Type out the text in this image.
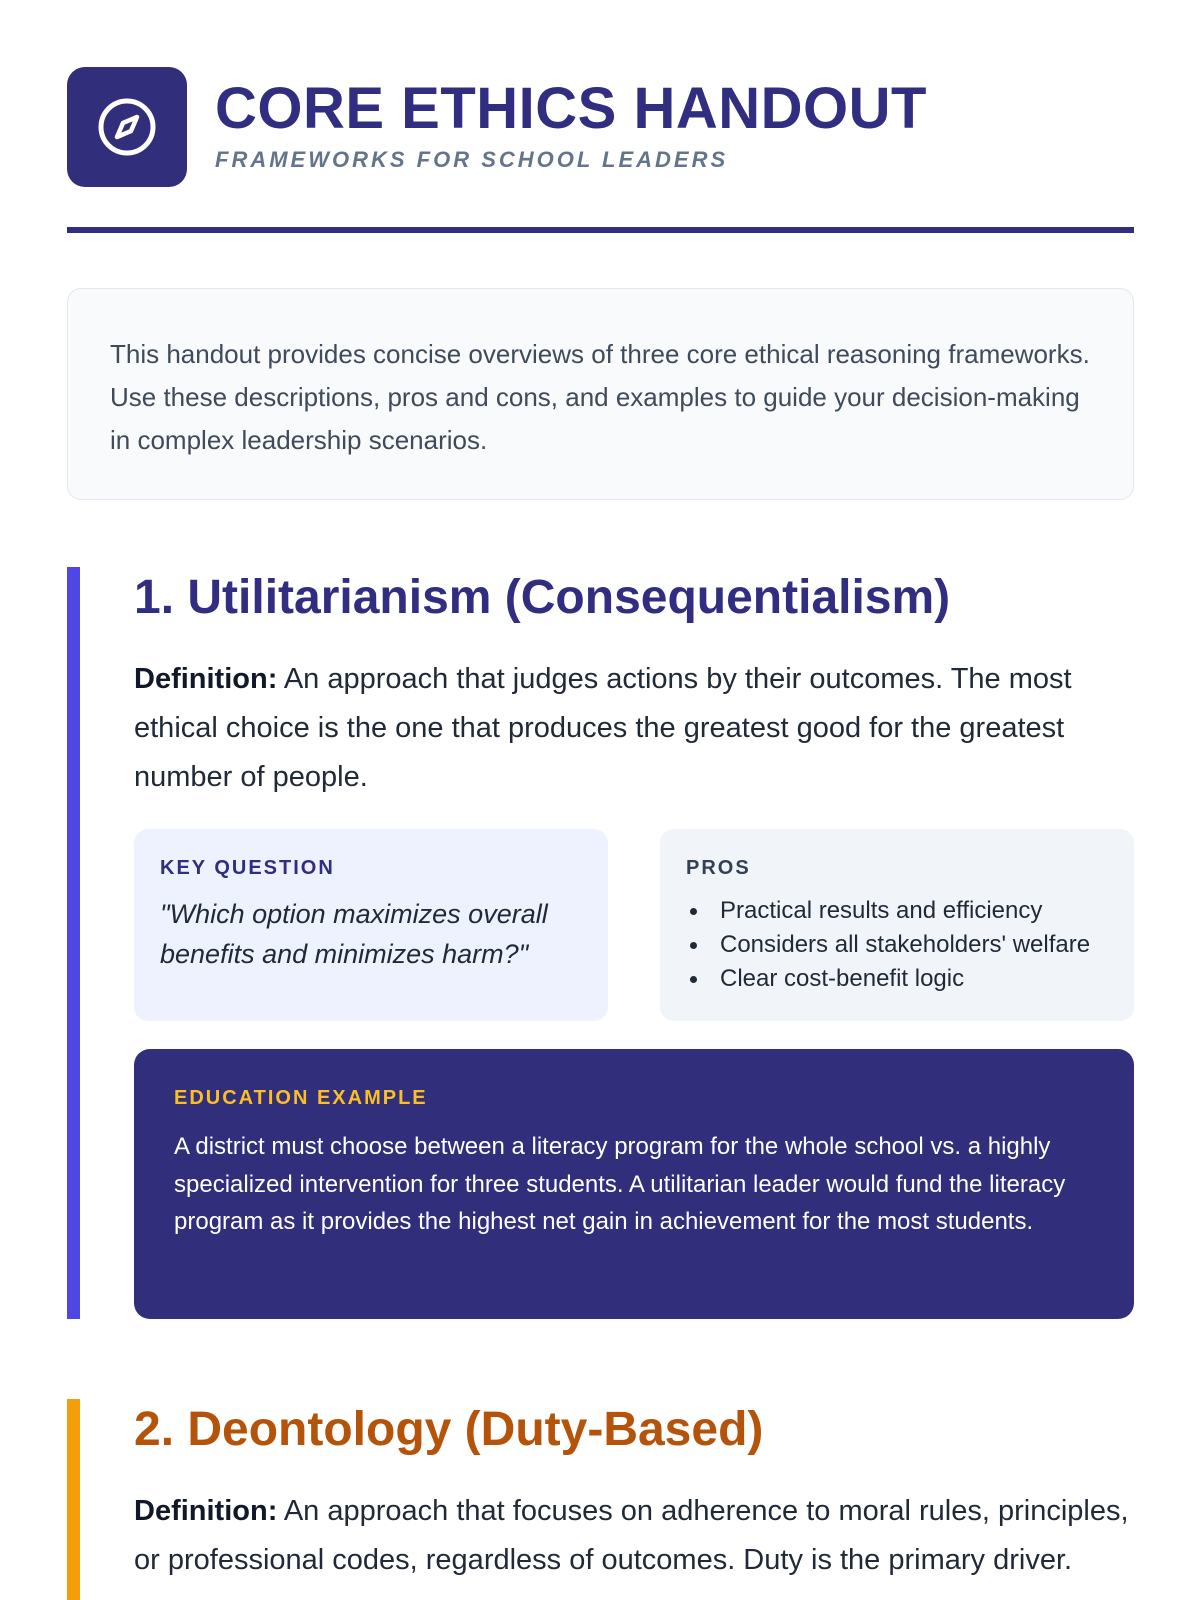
CORE ETHICS HANDOUT
FRAMEWORKS FOR SCHOOL LEADERS

This handout provides concise overviews of three core ethical reasoning frameworks. Use these descriptions, pros and cons, and examples to guide your decision-making in complex leadership scenarios.

1. Utilitarianism (Consequentialism)
Definition: An approach that judges actions by their outcomes. The most ethical choice is the one that produces the greatest good for the greatest number of people.
KEY QUESTION
"Which option maximizes overall benefits and minimizes harm?"
PROS
Practical results and efficiency
Considers all stakeholders' welfare
Clear cost-benefit logic
EDUCATION EXAMPLE
A district must choose between a literacy program for the whole school vs. a highly specialized intervention for three students. A utilitarian leader would fund the literacy program as it provides the highest net gain in achievement for the most students.
2. Deontology (Duty-Based)
Definition: An approach that focuses on adherence to moral rules, principles, or professional codes, regardless of outcomes. Duty is the primary driver.
